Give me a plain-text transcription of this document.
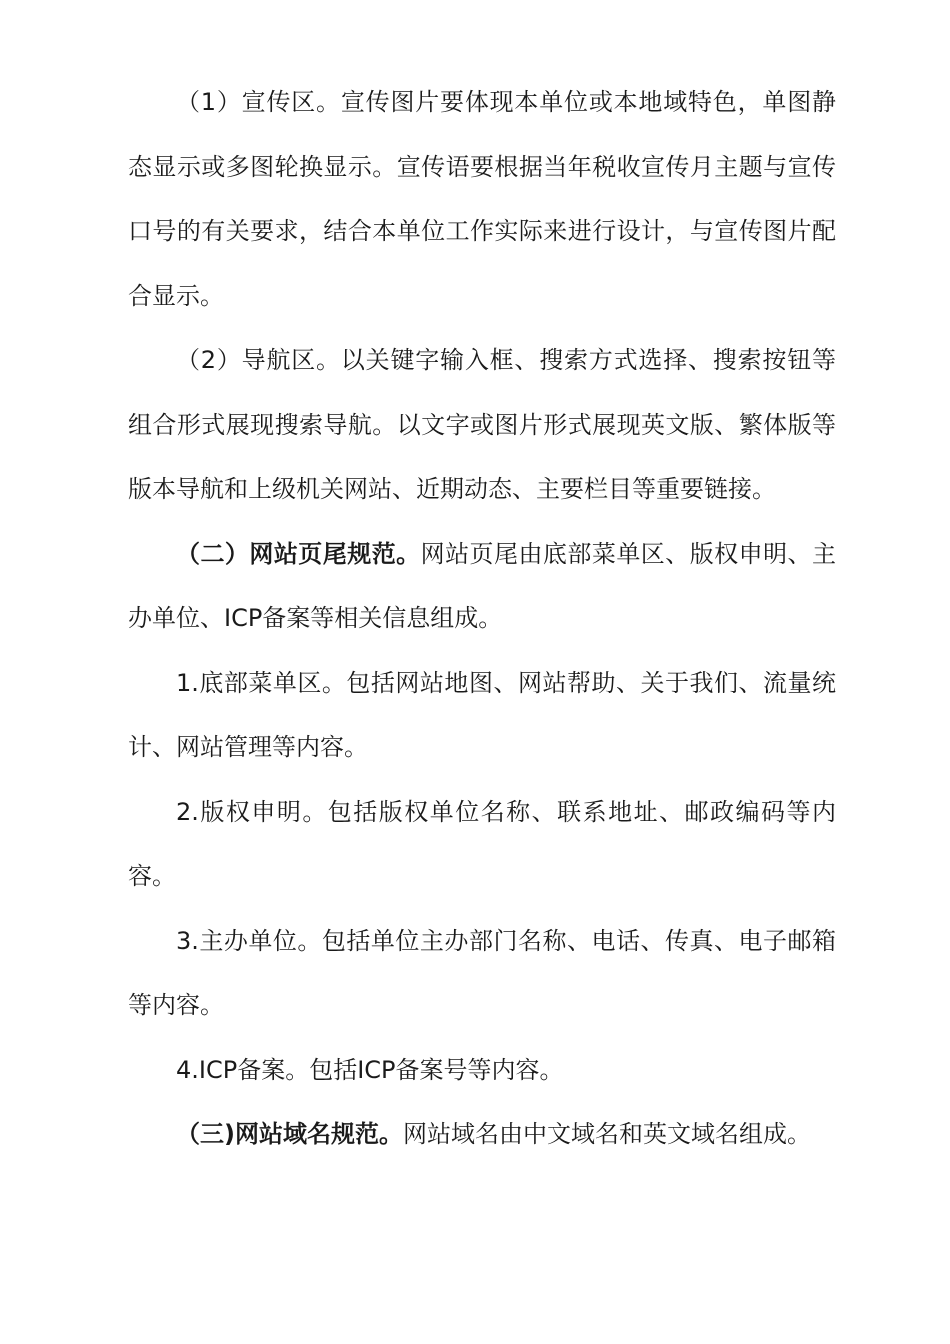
（1）宣传区。宣传图片要体现本单位或本地域特色，单图静态显示或多图轮换显示。宣传语要根据当年税收宣传月主题与宣传口号的有关要求，结合本单位工作实际来进行设计，与宣传图片配合显示。

（2）导航区。以关键字输入框、搜索方式选择、搜索按钮等组合形式展现搜索导航。以文字或图片形式展现英文版、繁体版等版本导航和上级机关网站、近期动态、主要栏目等重要链接。

（二）网站页尾规范。网站页尾由底部菜单区、版权申明、主办单位、ICP备案等相关信息组成。

1.底部菜单区。包括网站地图、网站帮助、关于我们、流量统计、网站管理等内容。

2.版权申明。包括版权单位名称、联系地址、邮政编码等内容。

3.主办单位。包括单位主办部门名称、电话、传真、电子邮箱等内容。

4.ICP备案。包括ICP备案号等内容。

（三)网站域名规范。网站域名由中文域名和英文域名组成。
